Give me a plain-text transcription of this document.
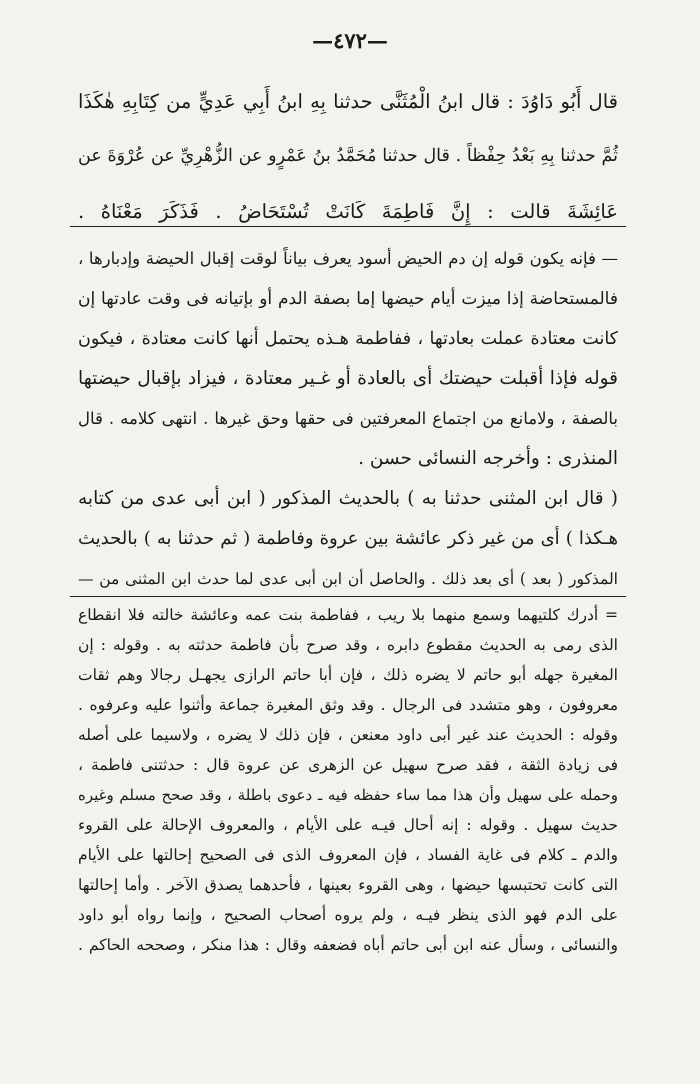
—٤٧٢—
قال أَبُو دَاوُدَ : قال ابنُ الْمُثَنَّى حدثنا بِهِ ابنُ أَبِي عَدِيٍّ من كِتَابِهِ هٰكَذَا
ثُمَّ حدثنا بِهِ بَعْدُ حِفْظاً . قال حدثنا مُحَمَّدُ بنُ عَمْرٍو عن الزُّهْرِيِّ عن عُرْوَةَ عن
عَائِشَةَ قالت : إِنَّ فَاطِمَةَ كَانَتْ تُسْتَحَاضُ . فَذَكَرَ مَعْنَاهُ .
— فإنه يكون قوله إن دم الحيض أسود يعرف بياناً لوقت إقبال الحيضة وإدبارها ،
فالمستحاضة إذا ميزت أيام حيضها إما بصفة الدم أو بإتيانه فى وقت عادتها إن
كانت معتادة عملت بعادتها ، ففاطمة هـذه يحتمل أنها كانت معتادة ، فيكون
قوله فإذا أقبلت حيضتك أى بالعادة أو غـير معتادة ، فيزاد بإقبال حيضتها
بالصفة ، ولامانع من اجتماع المعرفتين فى حقها وحق غيرها . انتهى كلامه . قال
المنذرى : وأخرجه النسائى حسن .
( قال ابن المثنى حدثنا به ) بالحديث المذكور ( ابن أبى عدى من كتابه
هـكذا ) أى من غير ذكر عائشة بين عروة وفاطمة ( ثم حدثنا به ) بالحديث
المذكور ( بعد ) أى بعد ذلك . والحاصل أن ابن أبى عدى لما حدث ابن المثنى من —
= أدرك كلتيهما وسمع منهما بلا ريب ، ففاطمة بنت عمه وعائشة خالته فلا انقطاع
الذى رمى به الحديث مقطوع دابره ، وقد صرح بأن فاطمة حدثته به . وقوله : إن
المغيرة جهله أبو حاتم لا يضره ذلك ، فإن أبا حاتم الرازى يجهـل رجالا وهم ثقات
معروفون ، وهو متشدد فى الرجال . وقد وثق المغيرة جماعة وأثنوا عليه وعرفوه .
وقوله : الحديث عند غير أبى داود معنعن ، فإن ذلك لا يضره ، ولاسيما على أصله
فى زيادة الثقة ، فقد صرح سهيل عن الزهرى عن عروة قال : حدثتنى فاطمة ،
وحمله على سهيل وأن هذا مما ساء حفظه فيه ـ دعوى باطلة ، وقد صحح مسلم وغيره
حديث سهيل . وقوله : إنه أحال فيـه على الأيام ، والمعروف الإحالة على القروء
والدم ـ كلام فى غاية الفساد ، فإن المعروف الذى فى الصحيح إحالتها على الأيام
التى كانت تحتبسها حيضها ، وهى القروء بعينها ، فأحدهما يصدق الآخر . وأما إحالتها
على الدم فهو الذى ينظر فيـه ، ولم يروه أصحاب الصحيح ، وإنما رواه أبو داود
والنسائى ، وسأل عنه ابن أبى حاتم أباه فضعفه وقال : هذا منكر ، وصححه الحاكم .
